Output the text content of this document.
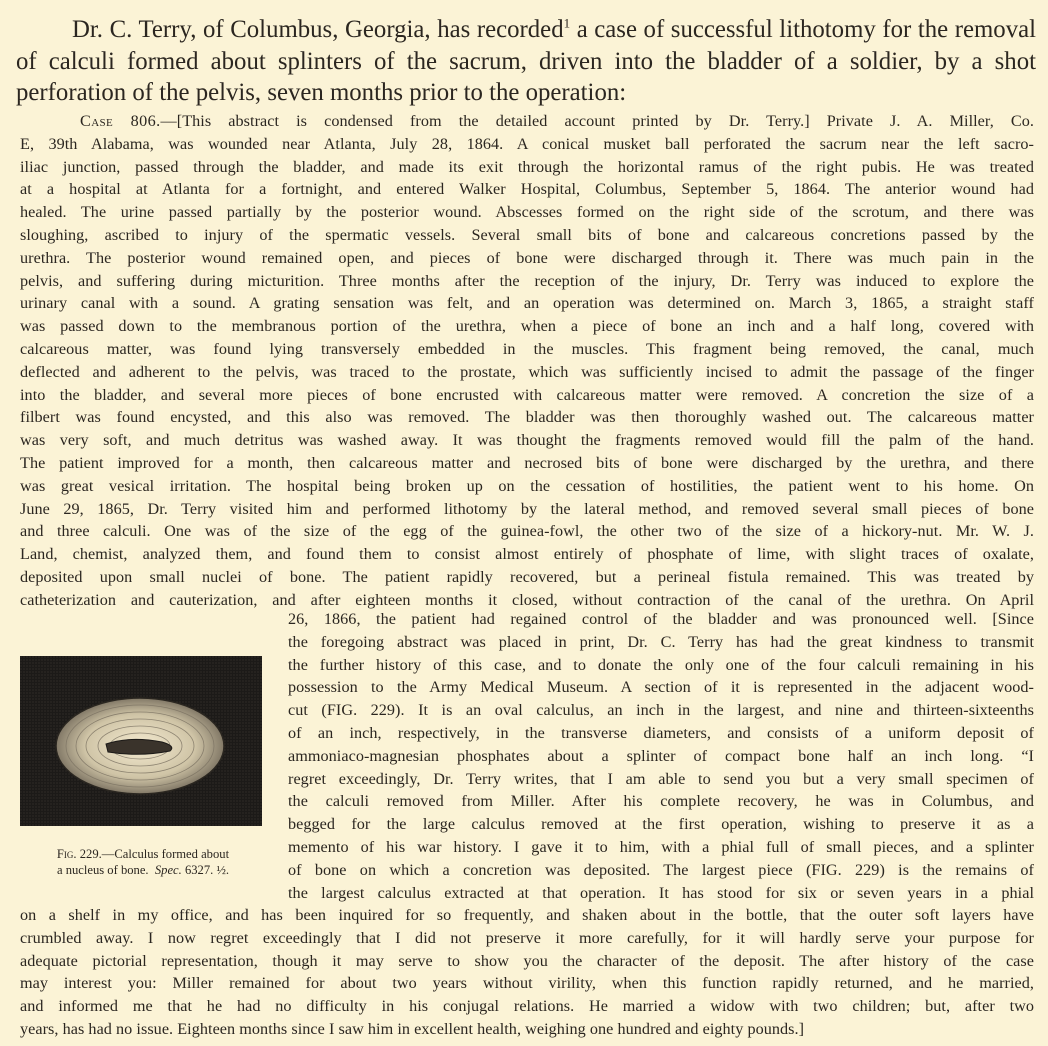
Dr. C. Terry, of Columbus, Georgia, has recorded$^1$ a case of successful lithotomy for the removal of calculi formed about splinters of the sacrum, driven into the bladder of a soldier, by a shot perforation of the pelvis, seven months prior to the operation:

Case 806.—[This abstract is condensed from the detailed account printed by Dr. Terry.] Private J. A. Miller, Co.
E, 39th Alabama, was wounded near Atlanta, July 28, 1864. A conical musket ball perforated the sacrum near the left sacro-
iliac junction, passed through the bladder, and made its exit through the horizontal ramus of the right pubis. He was treated
at a hospital at Atlanta for a fortnight, and entered Walker Hospital, Columbus, September 5, 1864. The anterior wound had
healed. The urine passed partially by the posterior wound. Abscesses formed on the right side of the scrotum, and there was
sloughing, ascribed to injury of the spermatic vessels. Several small bits of bone and calcareous concretions passed by the
urethra. The posterior wound remained open, and pieces of bone were discharged through it. There was much pain in the
pelvis, and suffering during micturition. Three months after the reception of the injury, Dr. Terry was induced to explore the
urinary canal with a sound. A grating sensation was felt, and an operation was determined on. March 3, 1865, a straight staff
was passed down to the membranous portion of the urethra, when a piece of bone an inch and a half long, covered with
calcareous matter, was found lying transversely embedded in the muscles. This fragment being removed, the canal, much
deflected and adherent to the pelvis, was traced to the prostate, which was sufficiently incised to admit the passage of the finger
into the bladder, and several more pieces of bone encrusted with calcareous matter were removed. A concretion the size of a
filbert was found encysted, and this also was removed. The bladder was then thoroughly washed out. The calcareous matter
was very soft, and much detritus was washed away. It was thought the fragments removed would fill the palm of the hand.
The patient improved for a month, then calcareous matter and necrosed bits of bone were discharged by the urethra, and there
was great vesical irritation. The hospital being broken up on the cessation of hostilities, the patient went to his home. On
June 29, 1865, Dr. Terry visited him and performed lithotomy by the lateral method, and removed several small pieces of bone
and three calculi. One was of the size of the egg of the guinea-fowl, the other two of the size of a hickory-nut. Mr. W. J.
Land, chemist, analyzed them, and found them to consist almost entirely of phosphate of lime, with slight traces of oxalate,
deposited upon small nuclei of bone. The patient rapidly recovered, but a perineal fistula remained. This was treated by
catheterization and cauterization, and after eighteen months it closed, without contraction of the canal of the urethra. On April
Fig. 229.—Calculus formed about
a nucleus of bone. Spec. 6327. ½.
26, 1866, the patient had regained control of the bladder and was pronounced well. [Since
the foregoing abstract was placed in print, Dr. C. Terry has had the great kindness to transmit
the further history of this case, and to donate the only one of the four calculi remaining in his
possession to the Army Medical Museum. A section of it is represented in the adjacent wood-
cut (FIG. 229). It is an oval calculus, an inch in the largest, and nine and thirteen-sixteenths
of an inch, respectively, in the transverse diameters, and consists of a uniform deposit of
ammoniaco-magnesian phosphates about a splinter of compact bone half an inch long. “I
regret exceedingly, Dr. Terry writes, that I am able to send you but a very small specimen of
the calculi removed from Miller. After his complete recovery, he was in Columbus, and
begged for the large calculus removed at the first operation, wishing to preserve it as a
memento of his war history. I gave it to him, with a phial full of small pieces, and a splinter
of bone on which a concretion was deposited. The largest piece (FIG. 229) is the remains of
the largest calculus extracted at that operation. It has stood for six or seven years in a phial
on a shelf in my office, and has been inquired for so frequently, and shaken about in the bottle, that the outer soft layers have
crumbled away. I now regret exceedingly that I did not preserve it more carefully, for it will hardly serve your purpose for
adequate pictorial representation, though it may serve to show you the character of the deposit. The after history of the case
may interest you: Miller remained for about two years without virility, when this function rapidly returned, and he married,
and informed me that he had no difficulty in his conjugal relations. He married a widow with two children; but, after two
years, has had no issue. Eighteen months since I saw him in excellent health, weighing one hundred and eighty pounds.]
